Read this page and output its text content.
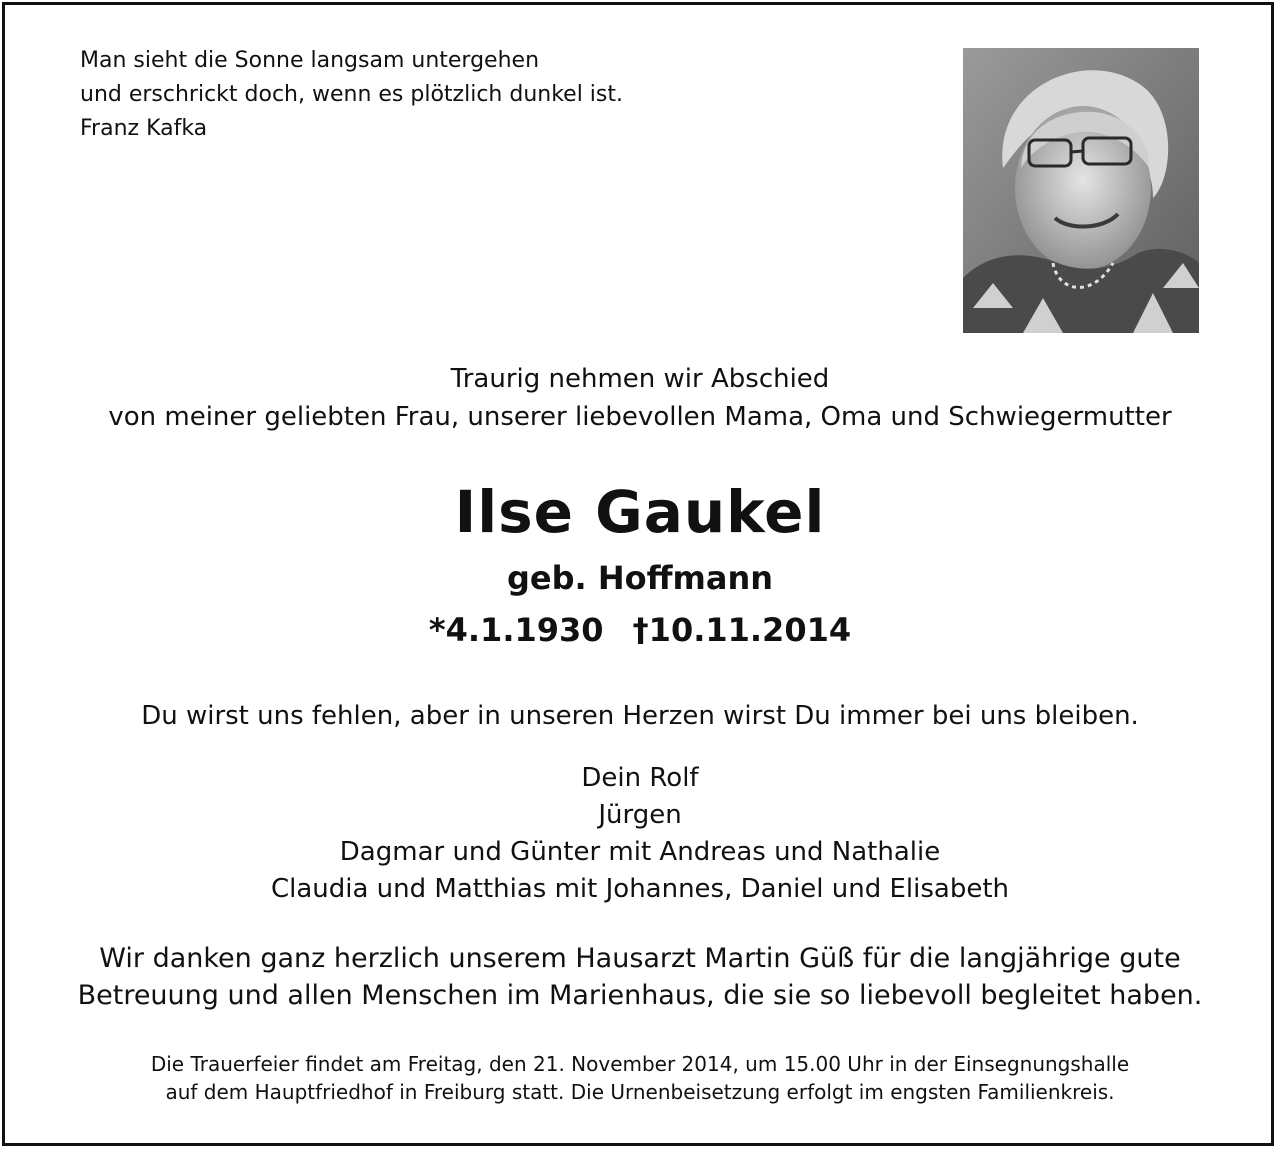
Man sieht die Sonne langsam untergehen
und erschrickt doch, wenn es plötzlich dunkel ist.
Franz Kafka
Traurig nehmen wir Abschied
von meiner geliebten Frau, unserer liebevollen Mama, Oma und Schwiegermutter
Ilse Gaukel
geb. Hoffmann
*4.1.1930 †10.11.2014
Du wirst uns fehlen, aber in unseren Herzen wirst Du immer bei uns bleiben.
Dein Rolf
Jürgen
Dagmar und Günter mit Andreas und Nathalie
Claudia und Matthias mit Johannes, Daniel und Elisabeth
Wir danken ganz herzlich unserem Hausarzt Martin Güß für die langjährige gute
Betreuung und allen Menschen im Marienhaus, die sie so liebevoll begleitet haben.
Die Trauerfeier findet am Freitag, den 21. November 2014, um 15.00 Uhr in der Einsegnungshalle
auf dem Hauptfriedhof in Freiburg statt. Die Urnenbeisetzung erfolgt im engsten Familienkreis.
